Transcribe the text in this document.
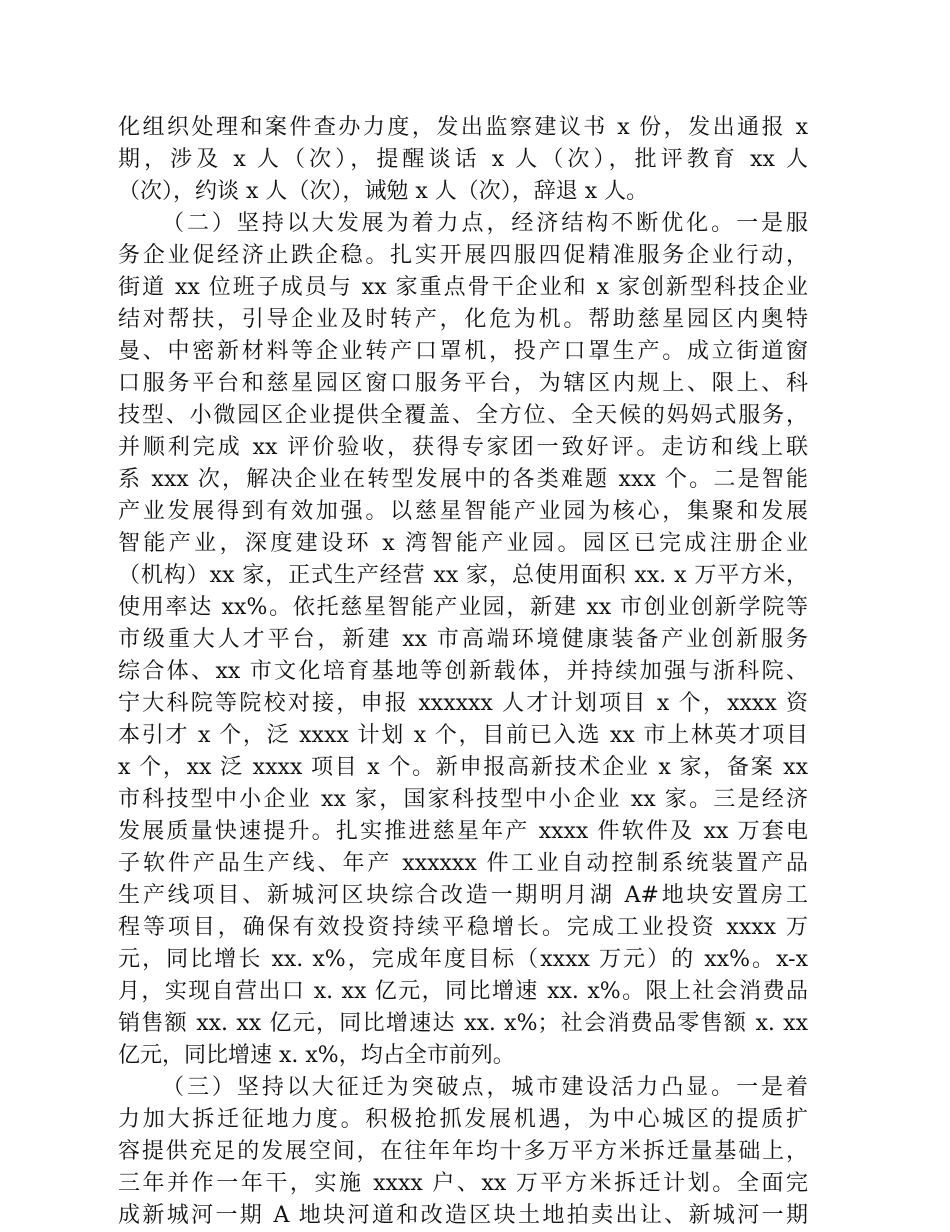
化组织处理和案件查办力度，发出监察建议书 x 份，发出通报 x
期，涉及 x 人（次），提醒谈话 x 人（次），批评教育 xx 人
（次），约谈 x 人（次），诫勉 x 人（次），辞退 x 人。
（二）坚持以大发展为着力点，经济结构不断优化。一是服
务企业促经济止跌企稳。扎实开展四服四促精准服务企业行动，
街道 xx 位班子成员与 xx 家重点骨干企业和 x 家创新型科技企业
结对帮扶，引导企业及时转产，化危为机。帮助慈星园区内奥特
曼、中密新材料等企业转产口罩机，投产口罩生产。成立街道窗
口服务平台和慈星园区窗口服务平台，为辖区内规上、限上、科
技型、小微园区企业提供全覆盖、全方位、全天候的妈妈式服务，
并顺利完成 xx 评价验收，获得专家团一致好评。走访和线上联
系 xxx 次，解决企业在转型发展中的各类难题 xxx 个。二是智能
产业发展得到有效加强。以慈星智能产业园为核心，集聚和发展
智能产业，深度建设环 x 湾智能产业园。园区已完成注册企业
（机构）xx 家，正式生产经营 xx 家，总使用面积 xx. x 万平方米，
使用率达 xx%。依托慈星智能产业园，新建 xx 市创业创新学院等
市级重大人才平台，新建 xx 市高端环境健康装备产业创新服务
综合体、xx 市文化培育基地等创新载体，并持续加强与浙科院、
宁大科院等院校对接，申报 xxxxxx 人才计划项目 x 个，xxxx 资
本引才 x 个，泛 xxxx 计划 x 个，目前已入选 xx 市上林英才项目
x 个，xx 泛 xxxx 项目 x 个。新申报高新技术企业 x 家，备案 xx
市科技型中小企业 xx 家，国家科技型中小企业 xx 家。三是经济
发展质量快速提升。扎实推进慈星年产 xxxx 件软件及 xx 万套电
子软件产品生产线、年产 xxxxxx 件工业自动控制系统装置产品
生产线项目、新城河区块综合改造一期明月湖 A#地块安置房工
程等项目，确保有效投资持续平稳增长。完成工业投资 xxxx 万
元，同比增长 xx. x%，完成年度目标（xxxx 万元）的 xx%。x-x
月，实现自营出口 x. xx 亿元，同比增速 xx. x%。限上社会消费品
销售额 xx. xx 亿元，同比增速达 xx. x%；社会消费品零售额 x. xx
亿元，同比增速 x. x%，均占全市前列。
（三）坚持以大征迁为突破点，城市建设活力凸显。一是着
力加大拆迁征地力度。积极抢抓发展机遇，为中心城区的提质扩
容提供充足的发展空间，在往年年均十多万平方米拆迁量基础上，
三年并作一年干，实施 xxxx 户、xx 万平方米拆迁计划。全面完
成新城河一期 A 地块河道和改造区块土地拍卖出让、新城河一期
